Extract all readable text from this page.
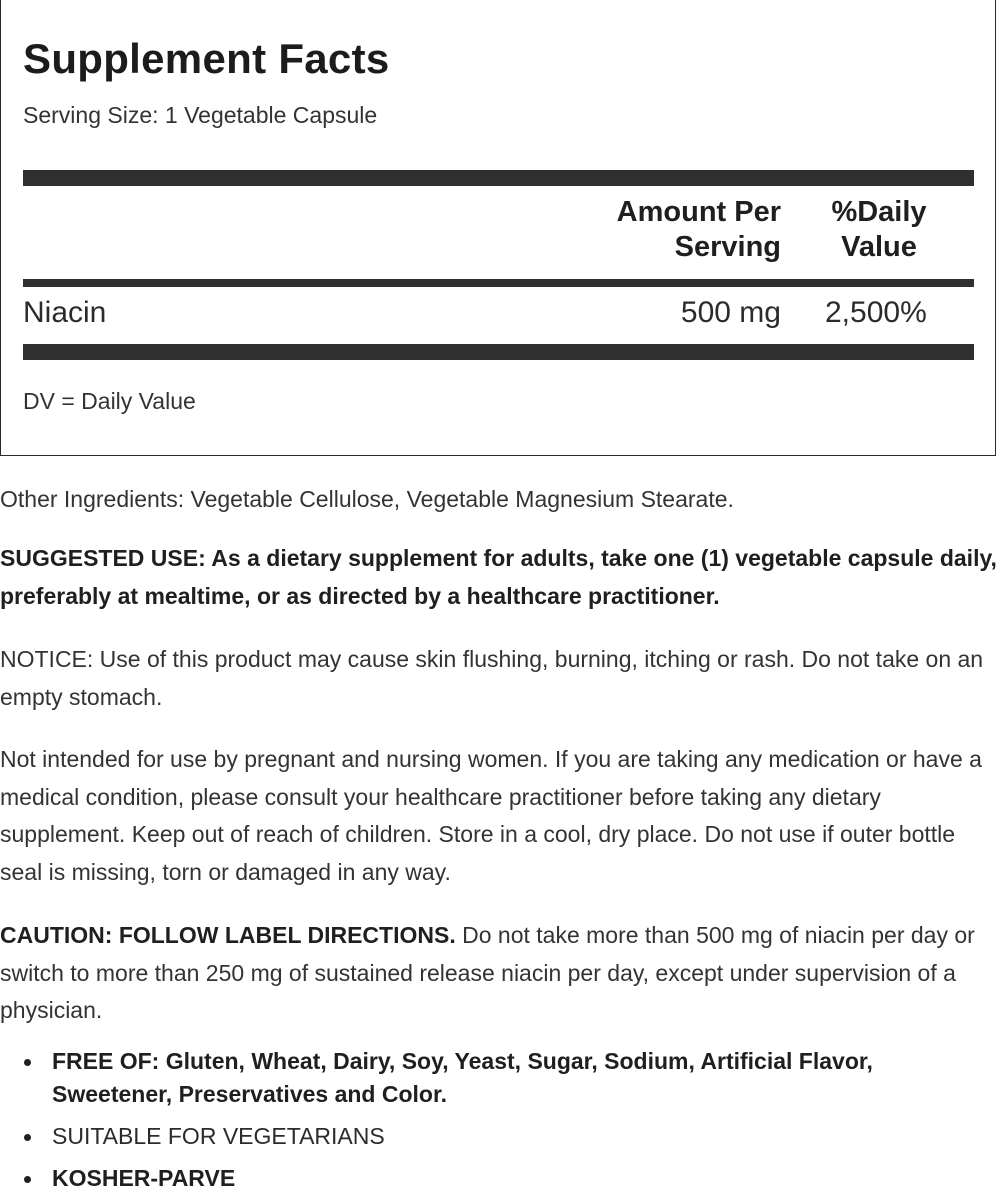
Supplement Facts
Serving Size: 1 Vegetable Capsule
Amount Per
Serving
%Daily
Value
Niacin	500 mg 2,500%
DV = Daily Value
Other Ingredients: Vegetable Cellulose, Vegetable Magnesium Stearate.
SUGGESTED USE: As a dietary supplement for adults, take one (1) vegetable capsule daily, preferably at mealtime, or as directed by a healthcare practitioner.
NOTICE: Use of this product may cause skin flushing, burning, itching or rash. Do not take on an empty stomach.
Not intended for use by pregnant and nursing women. If you are taking any medication or have a medical condition, please consult your healthcare practitioner before taking any dietary supplement. Keep out of reach of children. Store in a cool, dry place. Do not use if outer bottle seal is missing, torn or damaged in any way.
CAUTION: FOLLOW LABEL DIRECTIONS. Do not take more than 500 mg of niacin per day or switch to more than 250 mg of sustained release niacin per day, except under supervision of a physician.
FREE OF: Gluten, Wheat, Dairy, Soy, Yeast, Sugar, Sodium, Artificial Flavor, Sweetener, Preservatives and Color.
SUITABLE FOR VEGETARIANS
KOSHER-PARVE
